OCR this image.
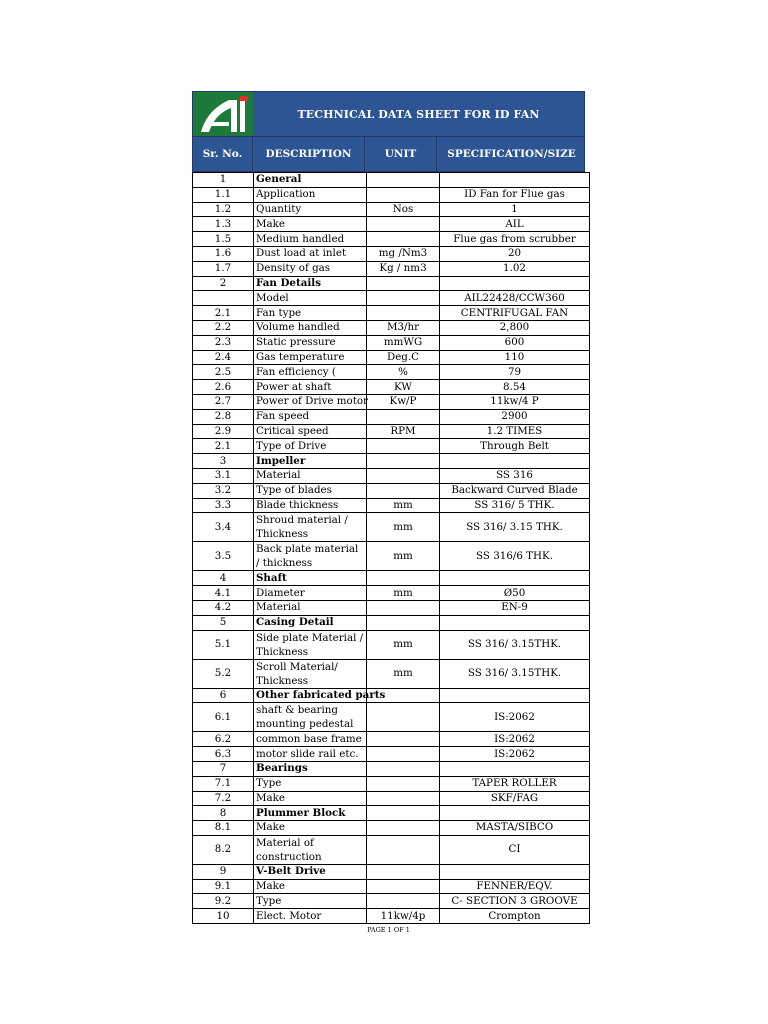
TECHNICAL DATA SHEET FOR ID FAN
Sr. No.	DESCRIPTION	UNIT	SPECIFICATION/SIZE
1	General		
1.1	Application		ID Fan for Flue gas
1.2	Quantity	Nos	1
1.3	Make		AIL
1.5	Medium handled		Flue gas from scrubber
1.6	Dust load at inlet	mg /Nm3	20
1.7	Density of gas	Kg / nm3	1.02
2	Fan Details		
	Model		AIL22428/CCW360
2.1	Fan type		CENTRIFUGAL FAN
2.2	Volume handled	M3/hr	2,800
2.3	Static pressure	mmWG	600
2.4	Gas temperature	Deg.C	110
2.5	Fan efficiency (	%	79
2.6	Power at shaft	KW	8.54
2.7	Power of Drive motor	Kw/P	11kw/4 P
2.8	Fan speed		2900
2.9	Critical speed	RPM	1.2 TIMES
2.1	Type of Drive		Through Belt
3	Impeller		
3.1	Material		SS 316
3.2	Type of blades		Backward Curved Blade
3.3	Blade thickness	mm	SS 316/ 5 THK.
3.4	Shroud material / Thickness	mm	SS 316/ 3.15 THK.
3.5	Back plate material / thickness	mm	SS 316/6 THK.
4	Shaft		
4.1	Diameter	mm	Ø50
4.2	Material		EN-9
5	Casing Detail		
5.1	Side plate Material / Thickness	mm	SS 316/ 3.15THK.
5.2	Scroll Material/ Thickness	mm	SS 316/ 3.15THK.
6	Other fabricated parts		
6.1	shaft & bearing mounting pedestal		IS:2062
6.2	common base frame		IS:2062
6.3	motor slide rail etc.		IS:2062
7	Bearings		
7.1	Type		TAPER ROLLER
7.2	Make		SKF/FAG
8	Plummer Block		
8.1	Make		MASTA/SIBCO
8.2	Material of construction		CI
9	V-Belt Drive		
9.1	Make		FENNER/EQV.
9.2	Type		C- SECTION 3 GROOVE
10	Elect. Motor	11kw/4p	Crompton
PAGE 1 OF 1
